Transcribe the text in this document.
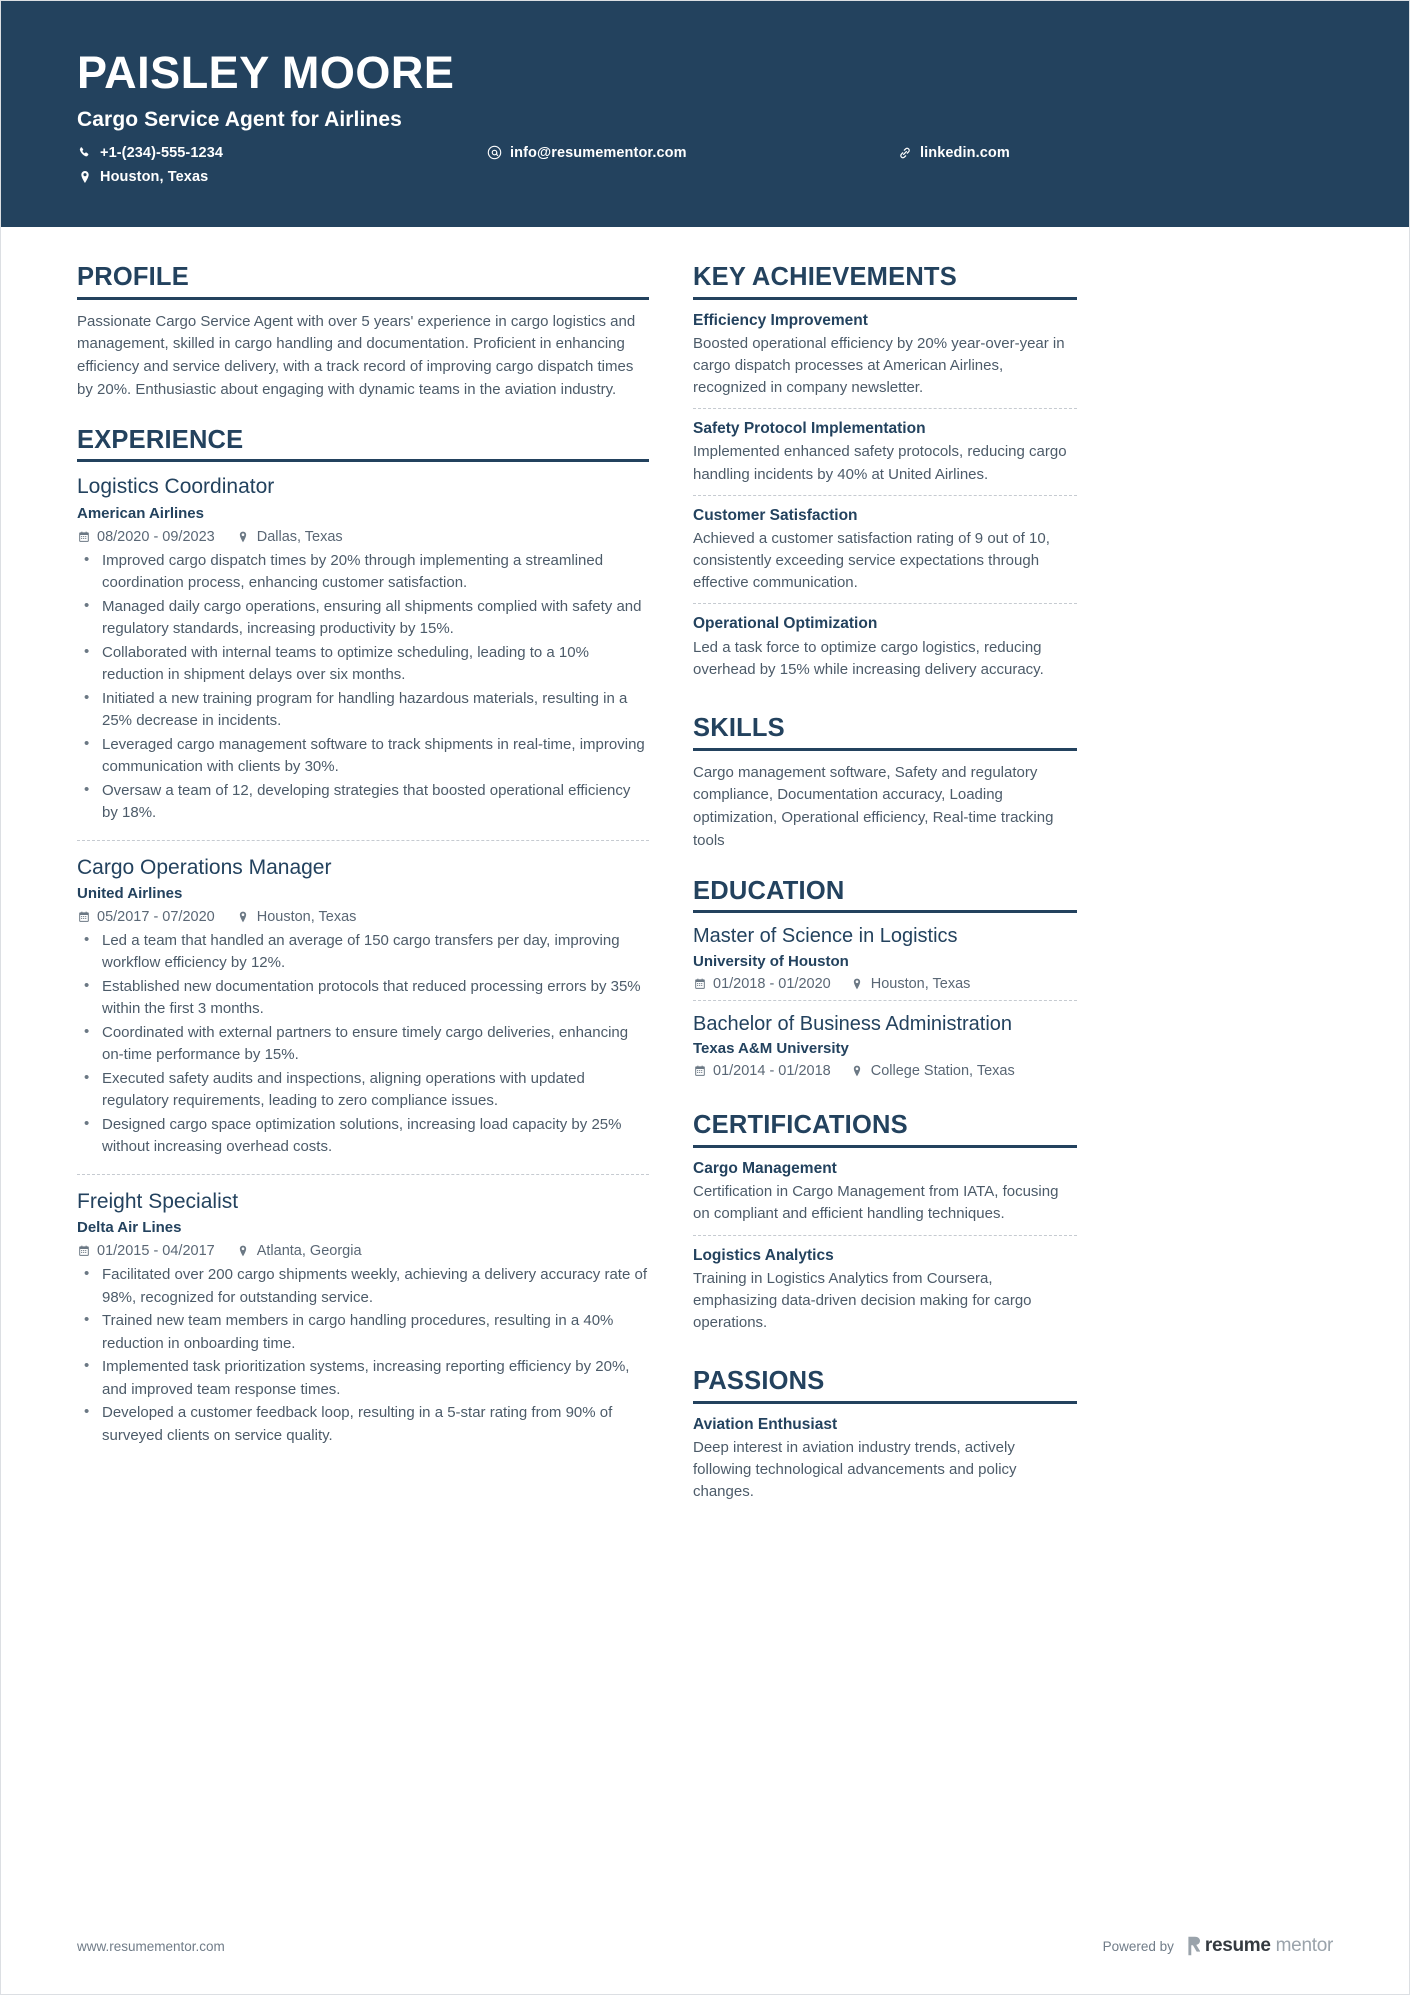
PAISLEY MOORE
Cargo Service Agent for Airlines
+1-(234)-555-1234	info@resumementor.com	linkedin.com
Houston, Texas
PROFILE

Passionate Cargo Service Agent with over 5 years' experience in cargo logistics and management, skilled in cargo handling and documentation. Proficient in enhancing efficiency and service delivery, with a track record of improving cargo dispatch times by 20%. Enthusiastic about engaging with dynamic teams in the aviation industry.

EXPERIENCE
Logistics Coordinator
American Airlines
08/2020 - 09/2023	Dallas, Texas
• Improved cargo dispatch times by 20% through implementing a streamlined coordination process, enhancing customer satisfaction.
• Managed daily cargo operations, ensuring all shipments complied with safety and regulatory standards, increasing productivity by 15%.
• Collaborated with internal teams to optimize scheduling, leading to a 10% reduction in shipment delays over six months.
• Initiated a new training program for handling hazardous materials, resulting in a 25% decrease in incidents.
• Leveraged cargo management software to track shipments in real-time, improving communication with clients by 30%.
• Oversaw a team of 12, developing strategies that boosted operational efficiency by 18%.
Cargo Operations Manager
United Airlines
05/2017 - 07/2020	Houston, Texas
• Led a team that handled an average of 150 cargo transfers per day, improving workflow efficiency by 12%.
• Established new documentation protocols that reduced processing errors by 35% within the first 3 months.
• Coordinated with external partners to ensure timely cargo deliveries, enhancing on-time performance by 15%.
• Executed safety audits and inspections, aligning operations with updated regulatory requirements, leading to zero compliance issues.
• Designed cargo space optimization solutions, increasing load capacity by 25% without increasing overhead costs.
Freight Specialist
Delta Air Lines
01/2015 - 04/2017	Atlanta, Georgia
• Facilitated over 200 cargo shipments weekly, achieving a delivery accuracy rate of 98%, recognized for outstanding service.
• Trained new team members in cargo handling procedures, resulting in a 40% reduction in onboarding time.
• Implemented task prioritization systems, increasing reporting efficiency by 20%, and improved team response times.
• Developed a customer feedback loop, resulting in a 5-star rating from 90% of surveyed clients on service quality.
KEY ACHIEVEMENTS
Efficiency Improvement
Boosted operational efficiency by 20% year-over-year in cargo dispatch processes at American Airlines, recognized in company newsletter.
Safety Protocol Implementation
Implemented enhanced safety protocols, reducing cargo handling incidents by 40% at United Airlines.
Customer Satisfaction
Achieved a customer satisfaction rating of 9 out of 10, consistently exceeding service expectations through effective communication.
Operational Optimization
Led a task force to optimize cargo logistics, reducing overhead by 15% while increasing delivery accuracy.
SKILLS

Cargo management software, Safety and regulatory compliance, Documentation accuracy, Loading optimization, Operational efficiency, Real-time tracking tools

EDUCATION
Master of Science in Logistics
University of Houston
01/2018 - 01/2020	Houston, Texas
Bachelor of Business Administration
Texas A&M University
01/2014 - 01/2018	College Station, Texas
CERTIFICATIONS
Cargo Management
Certification in Cargo Management from IATA, focusing on compliant and efficient handling techniques.
Logistics Analytics
Training in Logistics Analytics from Coursera, emphasizing data-driven decision making for cargo operations.
PASSIONS
Aviation Enthusiast
Deep interest in aviation industry trends, actively following technological advancements and policy changes.
www.resumementor.com	Powered by resume mentor
